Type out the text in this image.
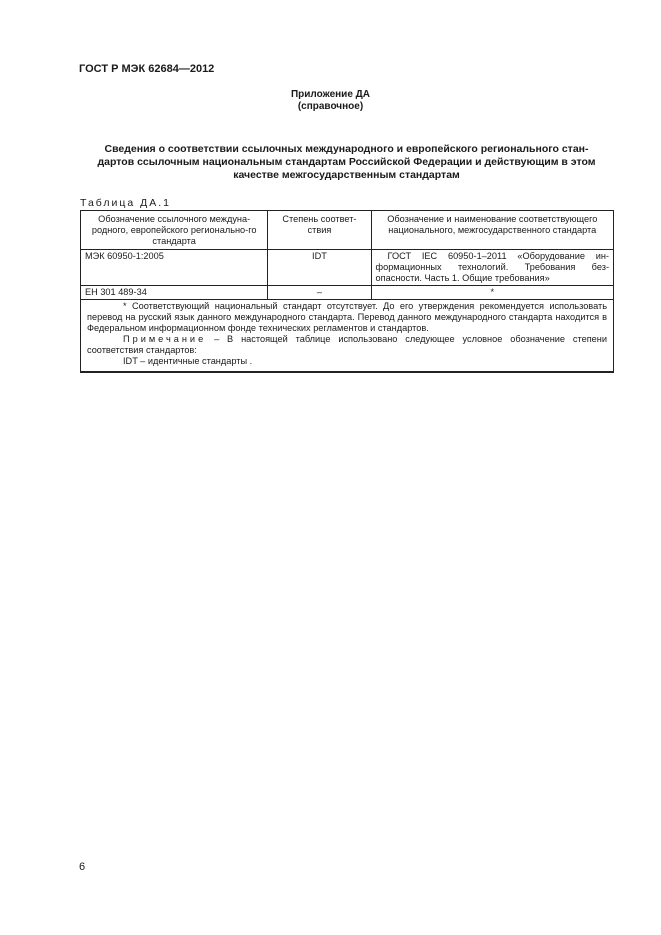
ГОСТ Р МЭК 62684—2012
Приложение ДА
(справочное)
Сведения о соответствии ссылочных международного и европейского регионального стан-
дартов ссылочным национальным стандартам Российской Федерации и действующим в этом
качестве межгосударственным стандартам
Таблица ДА.1
Обозначение ссылочного междуна-родного, европейского регионально-го стандарта	Степень соответ-ствия	Обозначение и наименование соответствующего национального, межгосударственного стандарта
МЭК 60950-1:2005	IDT	ГОСТ IEC 60950-1–2011 «Оборудование ин-формационных технологий. Требования без-опасности. Часть 1. Общие требования»
ЕН 301 489-34	–	*

* Соответствующий национальный стандарт отсутствует. До его утверждения рекомендуется использовать перевод на русский язык данного международного стандарта. Перевод данного международного стандарта находится в Федеральном информационном фонде технических регламентов и стандартов.
Примечание – В настоящей таблице использовано следующее условное обозначение степени соответствия стандартов:
IDT – идентичные стандарты .		
6
